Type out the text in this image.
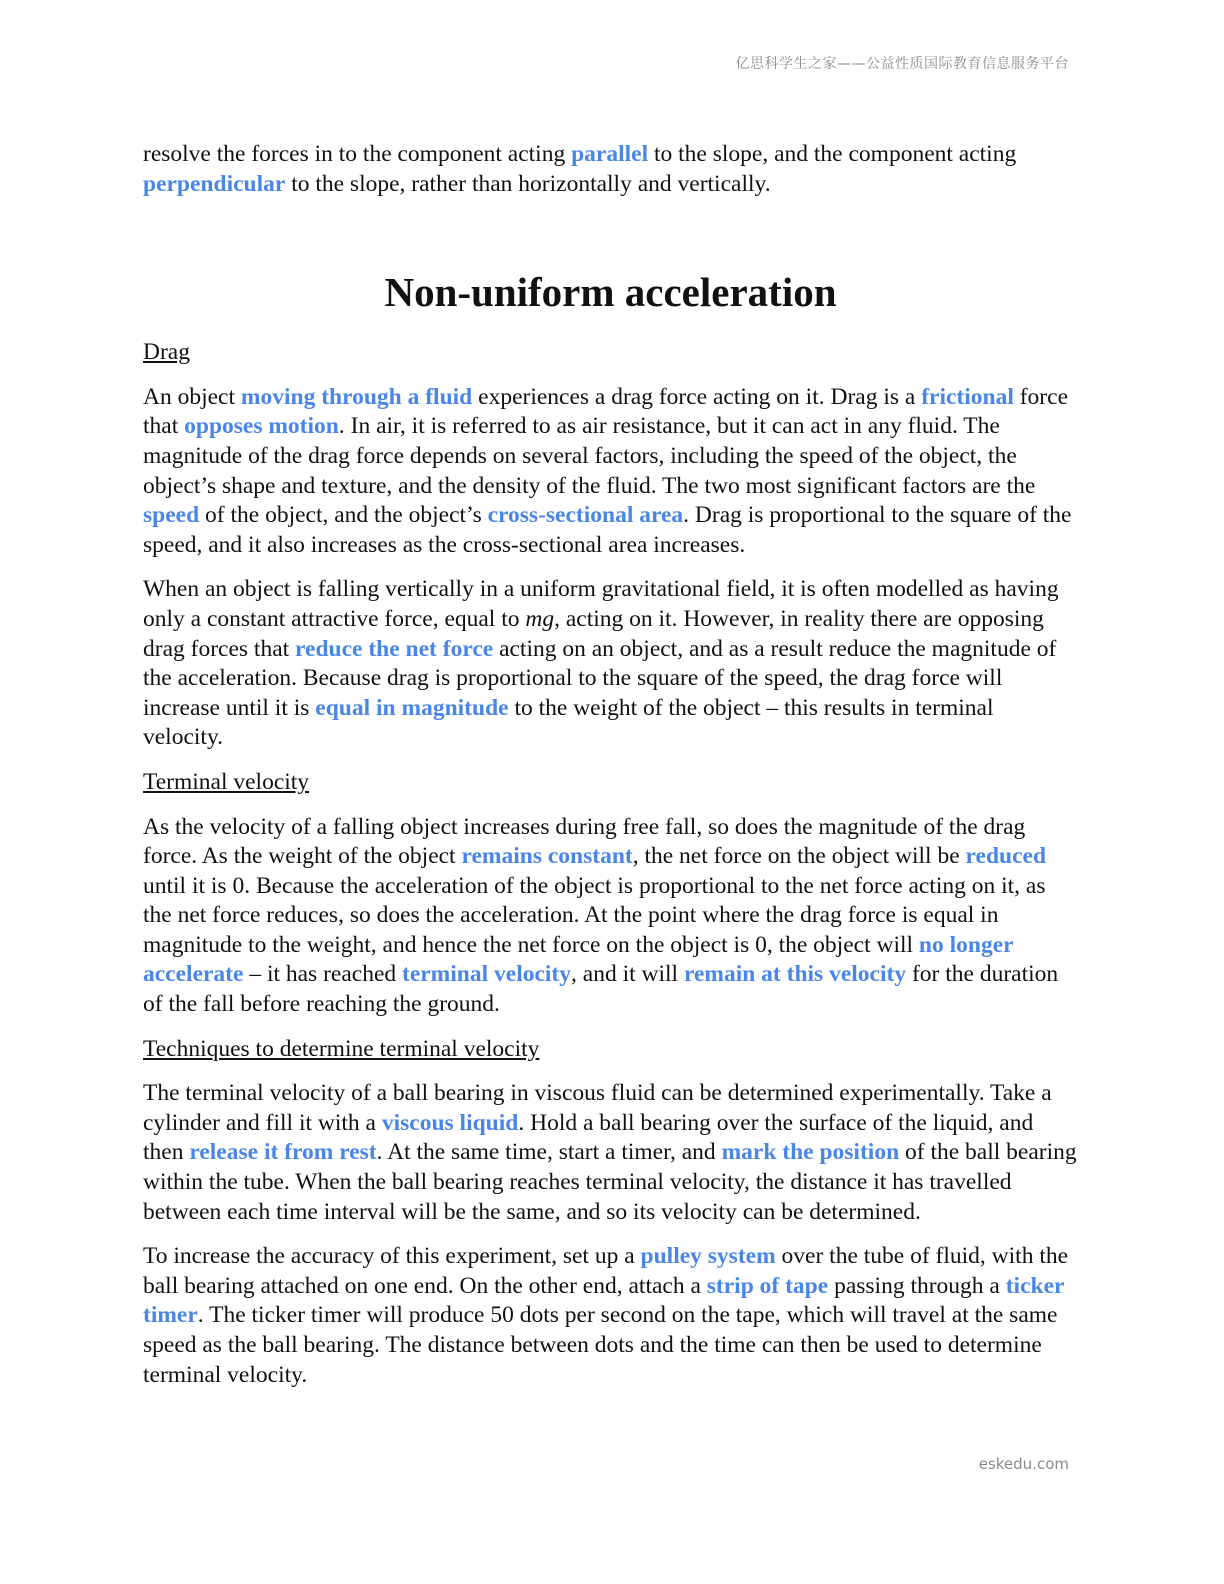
亿思科学生之家——公益性质国际教育信息服务平台

resolve the forces in to the component acting parallel to the slope, and the component acting perpendicular to the slope, rather than horizontally and vertically.

Non-uniform acceleration

Drag

An object moving through a fluid experiences a drag force acting on it. Drag is a frictional force that opposes motion. In air, it is referred to as air resistance, but it can act in any fluid. The magnitude of the drag force depends on several factors, including the speed of the object, the object’s shape and texture, and the density of the fluid. The two most significant factors are the speed of the object, and the object’s cross-sectional area. Drag is proportional to the square of the speed, and it also increases as the cross-sectional area increases.

When an object is falling vertically in a uniform gravitational field, it is often modelled as having only a constant attractive force, equal to mg, acting on it. However, in reality there are opposing drag forces that reduce the net force acting on an object, and as a result reduce the magnitude of the acceleration. Because drag is proportional to the square of the speed, the drag force will increase until it is equal in magnitude to the weight of the object – this results in terminal velocity.

Terminal velocity

As the velocity of a falling object increases during free fall, so does the magnitude of the drag force. As the weight of the object remains constant, the net force on the object will be reduced until it is 0. Because the acceleration of the object is proportional to the net force acting on it, as the net force reduces, so does the acceleration. At the point where the drag force is equal in magnitude to the weight, and hence the net force on the object is 0, the object will no longer accelerate – it has reached terminal velocity, and it will remain at this velocity for the duration of the fall before reaching the ground.

Techniques to determine terminal velocity

The terminal velocity of a ball bearing in viscous fluid can be determined experimentally. Take a cylinder and fill it with a viscous liquid. Hold a ball bearing over the surface of the liquid, and then release it from rest. At the same time, start a timer, and mark the position of the ball bearing within the tube. When the ball bearing reaches terminal velocity, the distance it has travelled between each time interval will be the same, and so its velocity can be determined.

To increase the accuracy of this experiment, set up a pulley system over the tube of fluid, with the ball bearing attached on one end. On the other end, attach a strip of tape passing through a ticker timer. The ticker timer will produce 50 dots per second on the tape, which will travel at the same speed as the ball bearing. The distance between dots and the time can then be used to determine terminal velocity.

eskedu.com
